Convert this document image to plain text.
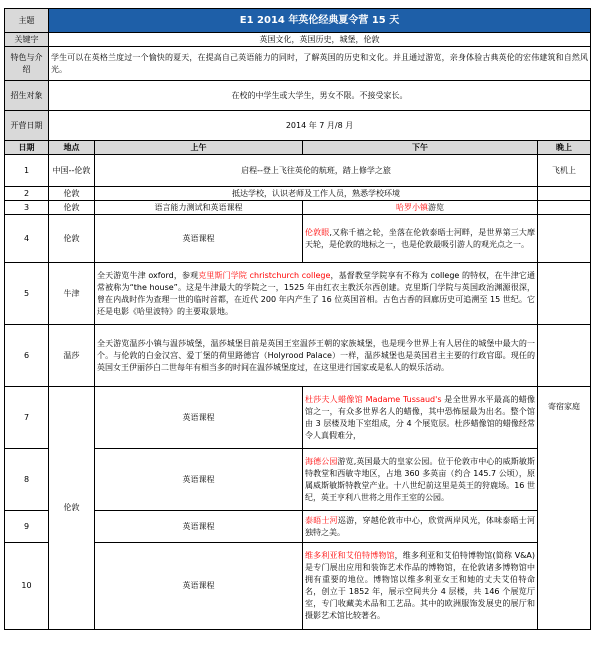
主题	E1 2014 年英伦经典夏令营 15 天			
关键字	英国文化，英国历史，城堡，伦敦			
特色与介绍	学生可以在英格兰度过一个愉快的夏天，在提高自己英语能力的同时，了解英国的历史和文化。并且通过游览，亲身体验古典英伦的宏伟建筑和自然风光。			
招生对象	在校的中学生或大学生，男女不限。不接受家长。			
开营日期	2014 年 7 月/8 月			
日期	地点	上午	下午	晚上
1	中国--伦敦	启程--登上飞往英伦的航班，踏上修学之旅		飞机上
2	伦敦	抵达学校，认识老师及工作人员，熟悉学校环境		
3	伦敦	语言能力测试和英语课程	哈罗小镇游览	
4	伦敦	英语课程	伦敦眼,又称千禧之轮，坐落在伦敦泰晤士河畔，是世界第三大摩天轮，是伦敦的地标之一，也是伦敦最吸引游人的观光点之一。	
5	牛津	全天游览牛津 oxford，参观克里斯门学院 christchurch college，基督教堂学院享有不称为 college 的特权，在牛津它通常被称为“the house”。这是牛津最大的学院之一，1525 年由红衣主教沃尔西创建。克里斯门学院与英国政治渊源很深，曾在内战时作为查理一世的临时首都，在近代 200 年内产生了 16 位英国首相。古色古香的回廊历史可追溯至 15 世纪。它还是电影《哈里波特》的主要取景地。		
6	温莎	全天游览温莎小镇与温莎城堡，温莎城堡目前是英国王室温莎王朝的家族城堡，也是现今世界上有人居住的城堡中最大的一个。与伦敦的白金汉宫、爱丁堡的荷里路德宫（Holyrood Palace）一样，温莎城堡也是英国君主主要的行政官邸。现任的英国女王伊丽莎白二世每年有相当多的时间在温莎城堡度过，在这里进行国家或是私人的娱乐活动。		
7	伦敦	英语课程	杜莎夫人蜡像馆 Madame Tussaud's 是全世界水平最高的蜡像馆之一，有众多世界名人的蜡像，其中恐怖屋最为出名。整个馆由 3 层楼及地下室组成，分 4 个展览层。杜莎蜡像馆的蜡像经常令人真假难分，	寄宿家庭
8		英语课程	海德公园游览,英国最大的皇家公园。位于伦敦市中心的威斯敏斯特教堂和西敏寺地区，占地 360 多英亩（约合 145.7 公顷），原属威斯敏斯特教堂产业。十八世纪前这里是英王的狩鹿场。16 世纪，英王亨利八世将之用作王室的公园。	
9		英语课程	泰晤士河巡游，穿越伦敦市中心，欣赏两岸风光，体味泰晤士河独特之美。	
10		英语课程	维多利亚和艾伯特博物馆，维多利亚和艾伯特博物馆(简称 V&A)是专门展出应用和装饰艺术作品的博物馆，在伦敦诸多博物馆中拥有重要的地位。博物馆以维多利亚女王和她的丈夫艾伯特命名，创立于 1852 年，展示空间共分 4 层楼，共 146 个展览厅室，专门收藏美术品和工艺品。其中的欧洲服饰发展史的展厅和摄影艺术馆比较著名。	
